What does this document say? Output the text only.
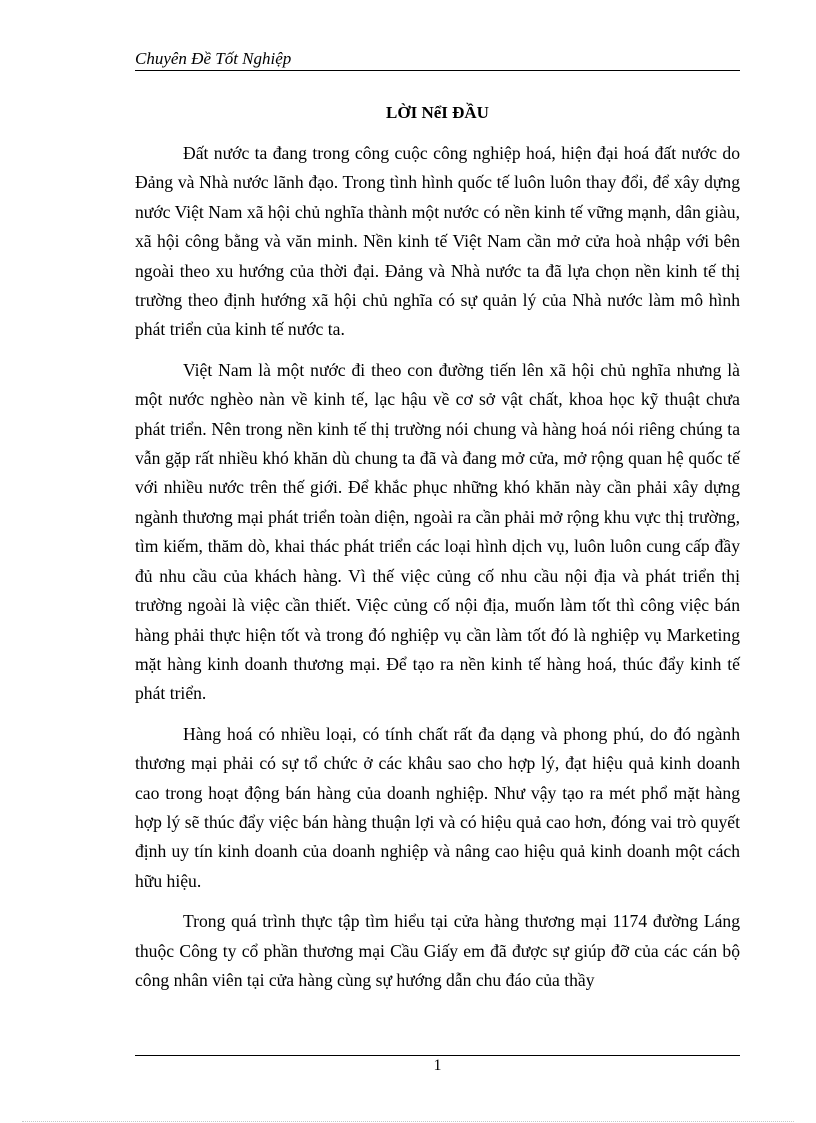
Chuyên Đề Tốt Nghiệp
LỜI NểI ĐẦU

Đất nước ta đang trong công cuộc công nghiệp hoá, hiện đại hoá đất nước do Đảng và Nhà nước lãnh đạo. Trong tình hình quốc tế luôn luôn thay đổi, để xây dựng nước Việt Nam xã hội chủ nghĩa thành một nước có nền kinh tế vững mạnh, dân giàu, xã hội công bằng và văn minh. Nền kinh tế Việt Nam cần mở cửa hoà nhập với bên ngoài theo xu hướng của thời đại. Đảng và Nhà nước ta đã lựa chọn nền kinh tế thị trường theo định hướng xã hội chủ nghĩa có sự quản lý của Nhà nước làm mô hình phát triển của kinh tế nước ta.

Việt Nam là một nước đi theo con đường tiến lên xã hội chủ nghĩa nhưng là một nước nghèo nàn về kinh tế, lạc hậu về cơ sở vật chất, khoa học kỹ thuật chưa phát triển. Nên trong nền kinh tế thị trường nói chung và hàng hoá nói riêng chúng ta vẫn gặp rất nhiều khó khăn dù chung ta đã và đang mở cửa, mở rộng quan hệ quốc tế với nhiều nước trên thế giới. Để khắc phục những khó khăn này cần phải xây dựng ngành thương mại phát triển toàn diện, ngoài ra cần phải mở rộng khu vực thị trường, tìm kiếm, thăm dò, khai thác phát triển các loại hình dịch vụ, luôn luôn cung cấp đầy đủ nhu cầu của khách hàng. Vì thế việc củng cố nhu cầu nội địa và phát triển thị trường ngoài là việc cần thiết. Việc củng cố nội địa, muốn làm tốt thì công việc bán hàng phải thực hiện tốt và trong đó nghiệp vụ cần làm tốt đó là nghiệp vụ Marketing mặt hàng kinh doanh thương mại. Để tạo ra nền kinh tế hàng hoá, thúc đẩy kinh tế phát triển.

Hàng hoá có nhiều loại, có tính chất rất đa dạng và phong phú, do đó ngành thương mại phải có sự tổ chức ở các khâu sao cho hợp lý, đạt hiệu quả kinh doanh cao trong hoạt động bán hàng của doanh nghiệp. Như vậy tạo ra mét phổ mặt hàng hợp lý sẽ thúc đẩy việc bán hàng thuận lợi và có hiệu quả cao hơn, đóng vai trò quyết định uy tín kinh doanh của doanh nghiệp và nâng cao hiệu quả kinh doanh một cách hữu hiệu.

Trong quá trình thực tập tìm hiểu tại cửa hàng thương mại 1174 đường Láng thuộc Công ty cổ phần thương mại Cầu Giấy em đã được sự giúp đỡ của các cán bộ công nhân viên tại cửa hàng cùng sự hướng dẫn chu đáo của thầy

1
